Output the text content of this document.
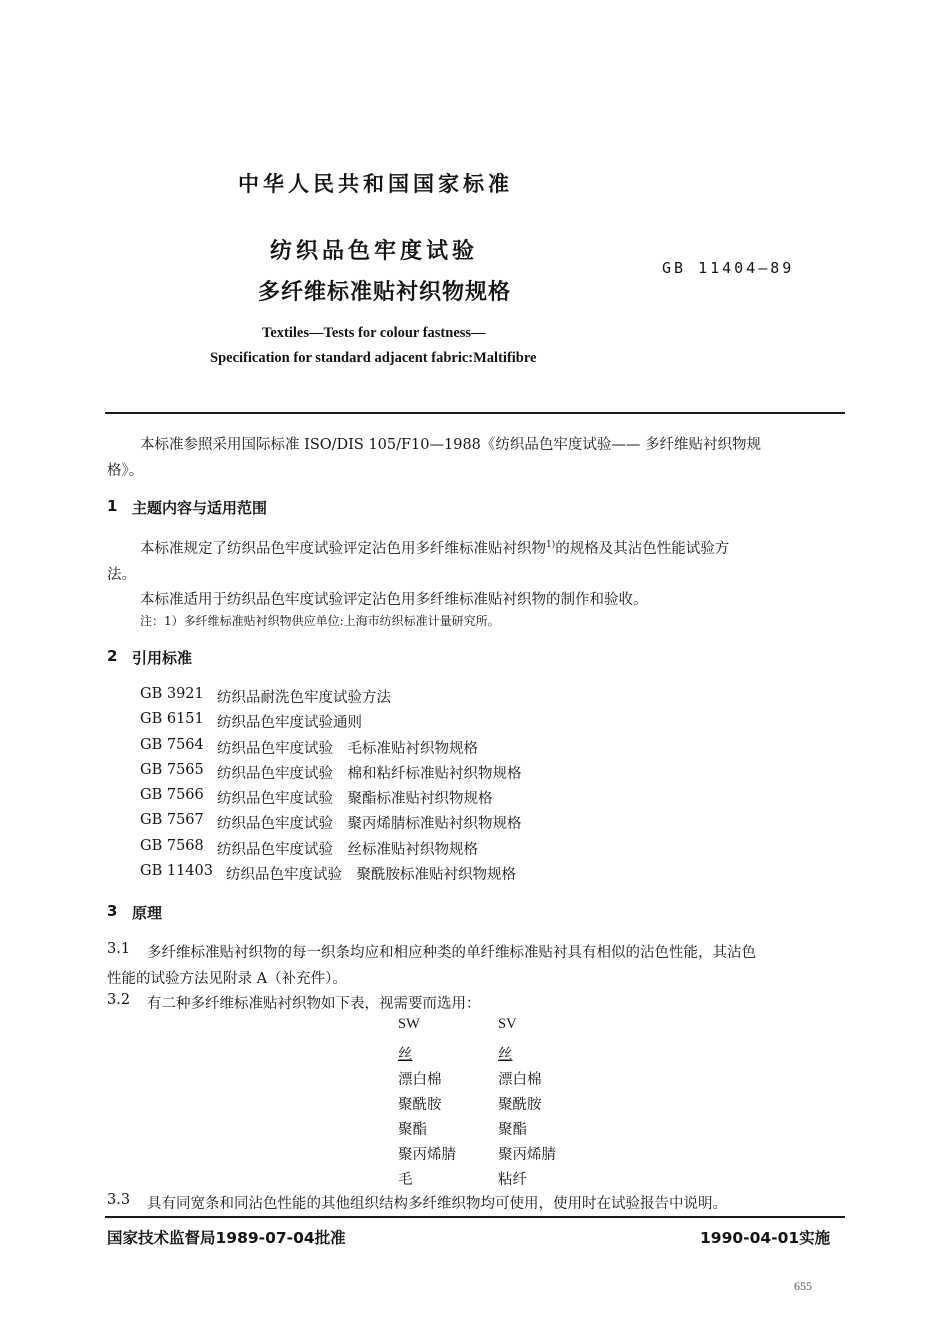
中华人民共和国国家标准
纺织品色牢度试验
多纤维标准贴衬织物规格
GB 11404—89
Textiles—Tests for colour fastness—
Specification for standard adjacent fabric:Maltifibre
本标准参照采用国际标准 ISO/DIS 105/F10—1988《纺织品色牢度试验—— 多纤维贴衬织物规
格》。
1 主题内容与适用范围
本标准规定了纺织品色牢度试验评定沾色用多纤维标准贴衬织物$^{1)}$的规格及其沾色性能试验方
法。
本标准适用于纺织品色牢度试验评定沾色用多纤维标准贴衬织物的制作和验收。
注：1）多纤维标准贴衬织物供应单位:上海市纺织标准计量研究所。
2 引用标准
GB 3921 纺织品耐洗色牢度试验方法
GB 6151 纺织品色牢度试验通则
GB 7564 纺织品色牢度试验　毛标准贴衬织物规格
GB 7565 纺织品色牢度试验　棉和粘纤标准贴衬织物规格
GB 7566 纺织品色牢度试验　聚酯标准贴衬织物规格
GB 7567 纺织品色牢度试验　聚丙烯腈标准贴衬织物规格
GB 7568 纺织品色牢度试验　丝标准贴衬织物规格
GB 11403 纺织品色牢度试验　聚酰胺标准贴衬织物规格
3 原理
3.1 多纤维标准贴衬织物的每一织条均应和相应种类的单纤维标准贴衬具有相似的沾色性能，其沾色
性能的试验方法见附录 A（补充件）。
3.2 有二种多纤维标准贴衬织物如下表，视需要而选用：
SW	SV
丝	丝
漂白棉	漂白棉
聚酰胺	聚酰胺
聚酯	聚酯
聚丙烯腈	聚丙烯腈
毛	粘纤
3.3 具有同宽条和同沾色性能的其他组织结构多纤维织物均可使用，使用时在试验报告中说明。
国家技术监督局1989-07-04批准	1990-04-01实施
655
